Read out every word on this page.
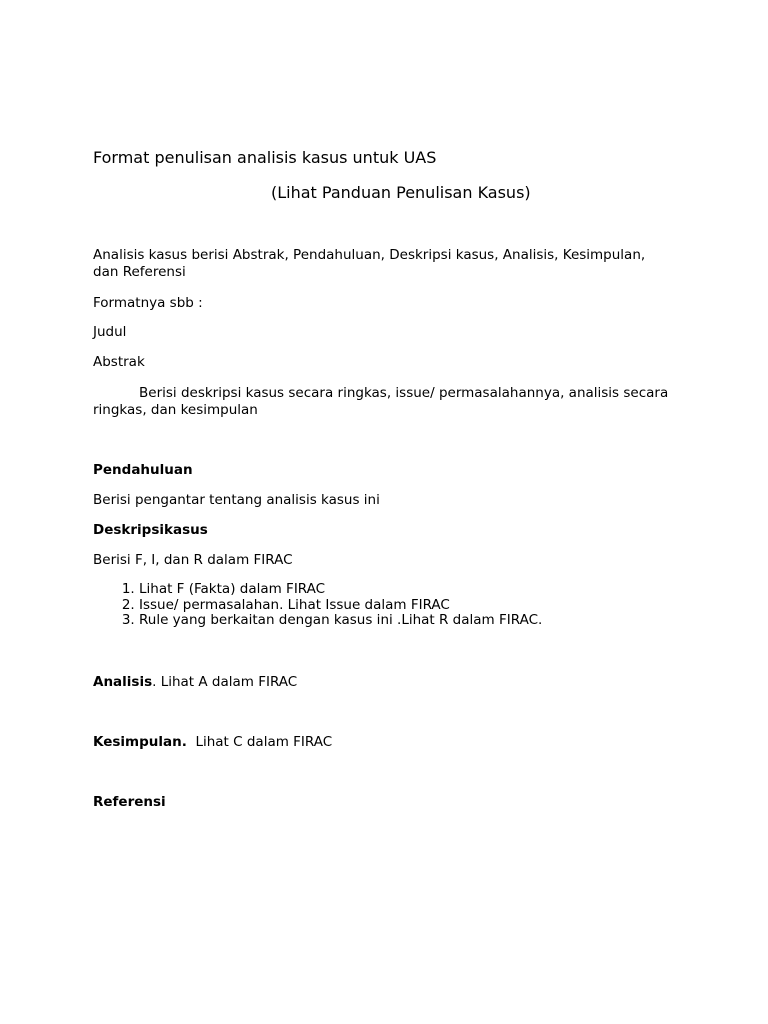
Format penulisan analisis kasus untuk UAS
(Lihat Panduan Penulisan Kasus)
Analisis kasus berisi Abstrak, Pendahuluan, Deskripsi kasus, Analisis, Kesimpulan, dan Referensi
Formatnya sbb :
Judul
Abstrak
Berisi deskripsi kasus secara ringkas, issue/ permasalahannya, analisis secara ringkas, dan kesimpulan
Pendahuluan
Berisi pengantar tentang analisis kasus ini
Deskripsikasus
Berisi F, I, dan R dalam FIRAC
1. Lihat F (Fakta) dalam FIRAC
2. Issue/ permasalahan. Lihat Issue dalam FIRAC
3. Rule yang berkaitan dengan kasus ini .Lihat R dalam FIRAC.
Analisis. Lihat A dalam FIRAC
Kesimpulan.  Lihat C dalam FIRAC
Referensi
